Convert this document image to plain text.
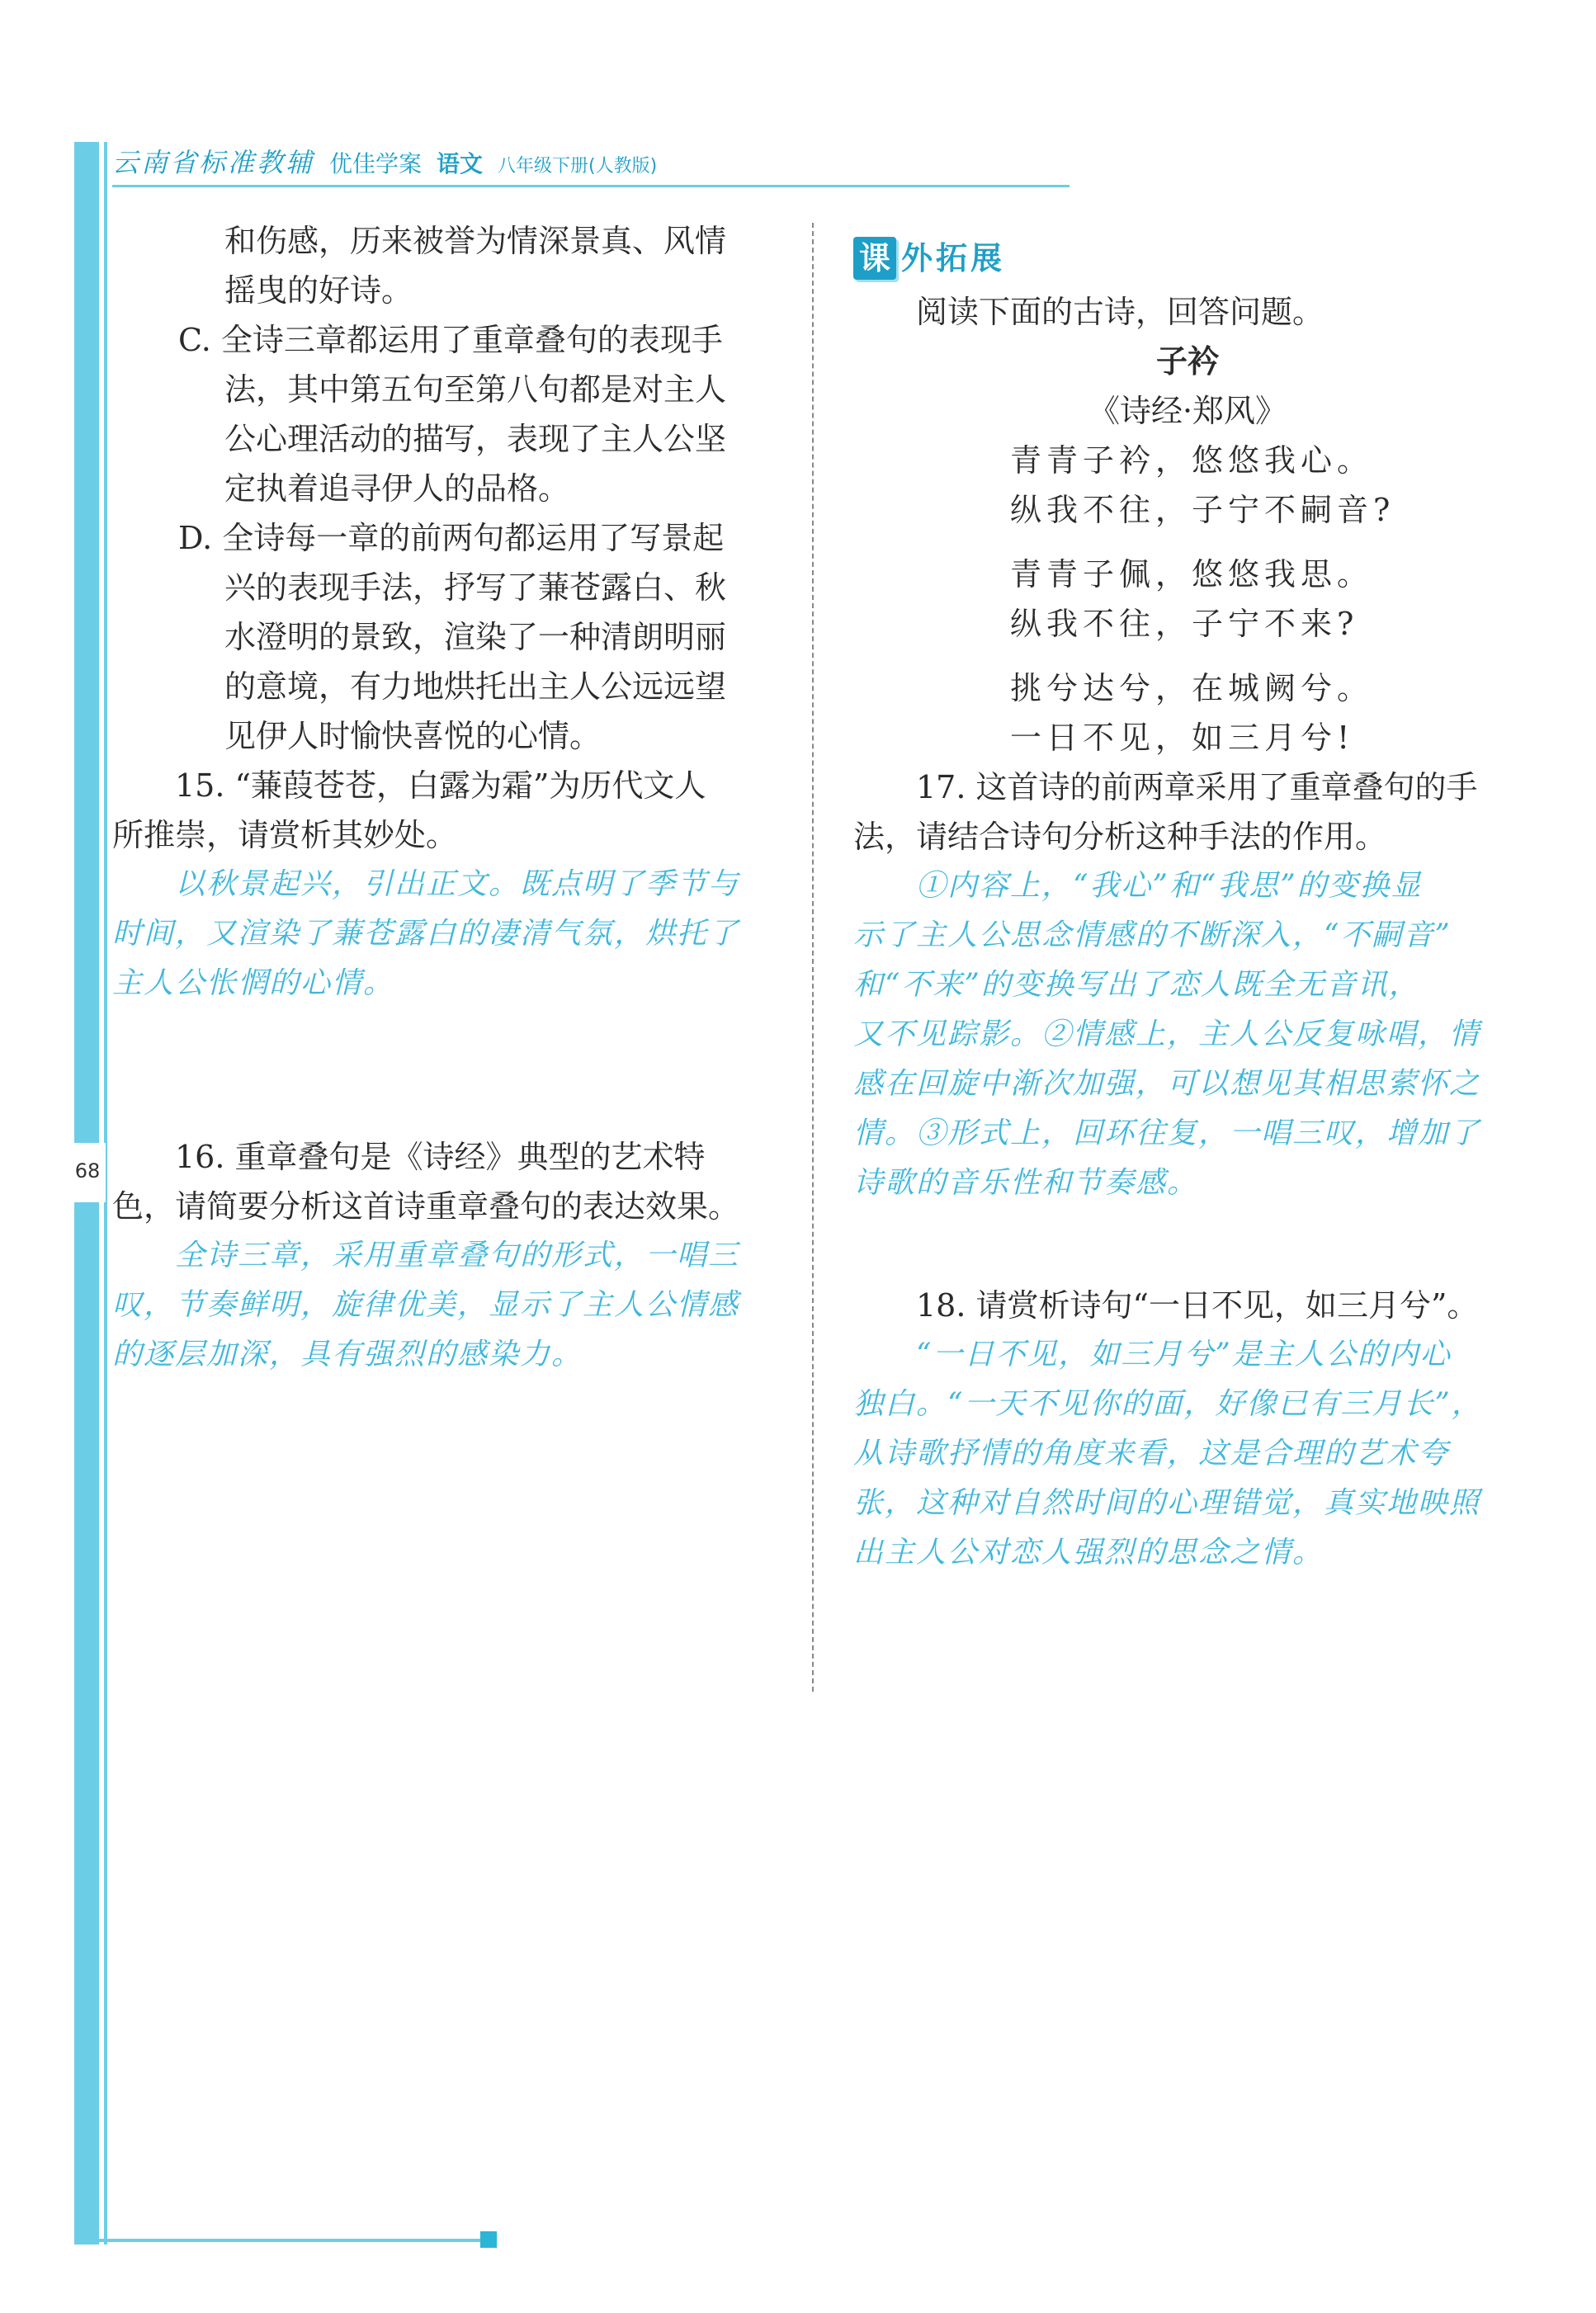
68
云南省标准教辅 优佳学案 语文 八年级下册(人教版)

和伤感，历来被誉为情深景真、风情

摇曳的好诗。

C. 全诗三章都运用了重章叠句的表现手

法，其中第五句至第八句都是对主人

公心理活动的描写，表现了主人公坚

定执着追寻伊人的品格。

D. 全诗每一章的前两句都运用了写景起

兴的表现手法，抒写了蒹苍露白、秋

水澄明的景致，渲染了一种清朗明丽

的意境，有力地烘托出主人公远远望

见伊人时愉快喜悦的心情。

15. “蒹葭苍苍，白露为霜”为历代文人

所推崇，请赏析其妙处。

以秋景起兴，引出正文。既点明了季节与

时间，又渲染了蒹苍露白的凄清气氛，烘托了

主人公怅惘的心情。

16. 重章叠句是《诗经》典型的艺术特

色，请简要分析这首诗重章叠句的表达效果。

全诗三章，采用重章叠句的形式，一唱三

叹，节奏鲜明，旋律优美，显示了主人公情感

的逐层加深，具有强烈的感染力。

课 外拓展

阅读下面的古诗，回答问题。

子衿

《诗经·郑风》

青青子衿，悠悠我心。

纵我不往，子宁不嗣音?

青青子佩，悠悠我思。

纵我不往，子宁不来?

挑兮达兮，在城阙兮。

一日不见，如三月兮!

17. 这首诗的前两章采用了重章叠句的手

法，请结合诗句分析这种手法的作用。

①内容上，“我心”和“我思”的变换显

示了主人公思念情感的不断深入，“不嗣音”

和“不来”的变换写出了恋人既全无音讯，

又不见踪影。②情感上，主人公反复咏唱，情

感在回旋中渐次加强，可以想见其相思萦怀之

情。③形式上，回环往复，一唱三叹，增加了

诗歌的音乐性和节奏感。

18. 请赏析诗句“一日不见，如三月兮”。

“一日不见，如三月兮”是主人公的内心

独白。“一天不见你的面，好像已有三月长”，

从诗歌抒情的角度来看，这是合理的艺术夸

张，这种对自然时间的心理错觉，真实地映照

出主人公对恋人强烈的思念之情。
